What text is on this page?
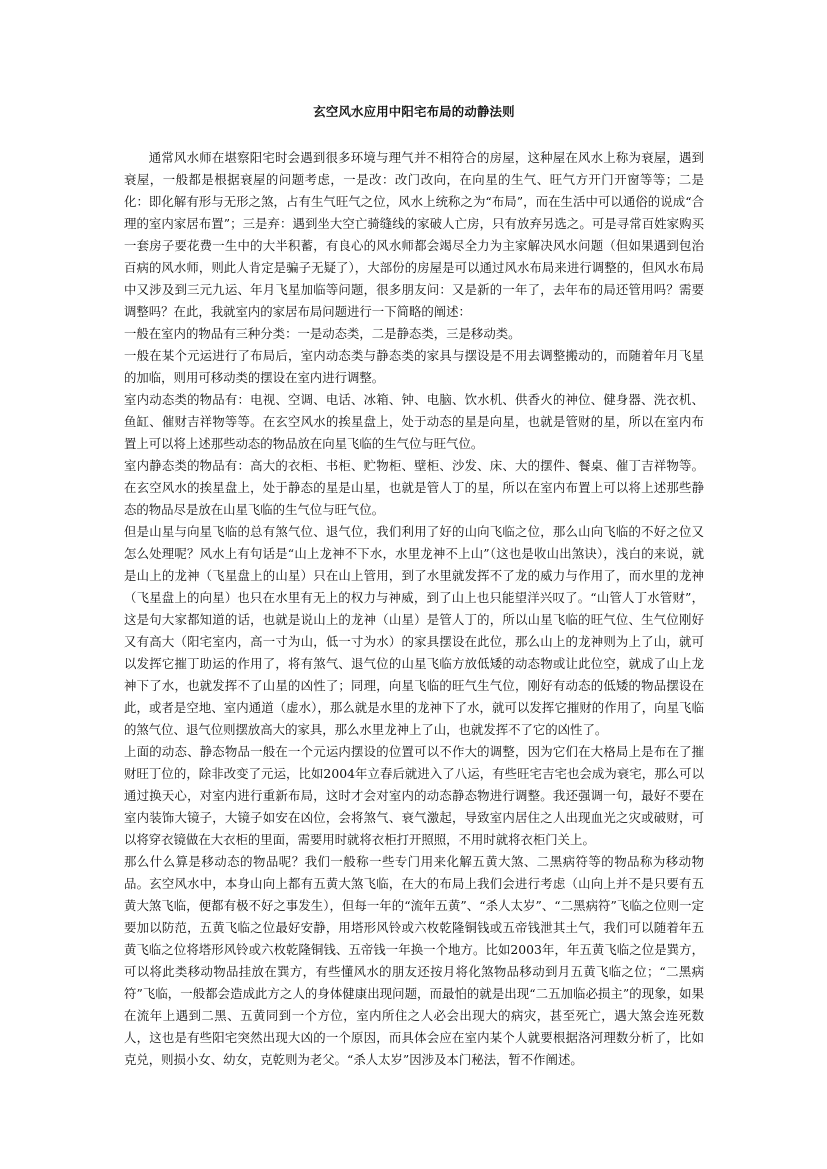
玄空风水应用中阳宅布局的动静法则

通常风水师在堪察阳宅时会遇到很多环境与理气并不相符合的房屋，这种屋在风水上称为衰屋，遇到衰屋，一般都是根据衰屋的问题考虑，一是改：改门改向，在向星的生气、旺气方开门开窗等等；二是化：即化解有形与无形之煞，占有生气旺气之位，风水上统称之为“布局”，而在生活中可以通俗的说成“合理的室内家居布置”；三是弃：遇到坐大空亡骑缝线的家破人亡房，只有放弃另选之。可是寻常百姓家购买一套房子要花费一生中的大半积蓄，有良心的风水师都会竭尽全力为主家解决风水问题（但如果遇到包治百病的风水师，则此人肯定是骗子无疑了），大部份的房屋是可以通过风水布局来进行调整的，但风水布局中又涉及到三元九运、年月飞星加临等问题，很多朋友问：又是新的一年了，去年布的局还管用吗？需要调整吗？在此，我就室内的家居布局问题进行一下简略的阐述：

一般在室内的物品有三种分类：一是动态类，二是静态类，三是移动类。

一般在某个元运进行了布局后，室内动态类与静态类的家具与摆设是不用去调整搬动的，而随着年月飞星的加临，则用可移动类的摆设在室内进行调整。

室内动态类的物品有：电视、空调、电话、冰箱、钟、电脑、饮水机、供香火的神位、健身器、洗衣机、鱼缸、催财吉祥物等等。在玄空风水的挨星盘上，处于动态的星是向星，也就是管财的星，所以在室内布置上可以将上述那些动态的物品放在向星飞临的生气位与旺气位。

室内静态类的物品有：高大的衣柜、书柜、贮物柜、壁柜、沙发、床、大的摆件、餐桌、催丁吉祥物等。在玄空风水的挨星盘上，处于静态的星是山星，也就是管人丁的星，所以在室内布置上可以将上述那些静态的物品尽是放在山星飞临的生气位与旺气位。

但是山星与向星飞临的总有煞气位、退气位，我们利用了好的山向飞临之位，那么山向飞临的不好之位又怎么处理呢？风水上有句话是“山上龙神不下水，水里龙神不上山”（这也是收山出煞诀），浅白的来说，就是山上的龙神（飞星盘上的山星）只在山上管用，到了水里就发挥不了龙的威力与作用了，而水里的龙神（飞星盘上的向星）也只在水里有无上的权力与神威，到了山上也只能望洋兴叹了。“山管人丁水管财”，这是句大家都知道的话，也就是说山上的龙神（山星）是管人丁的，所以山星飞临的旺气位、生气位刚好又有高大（阳宅室内，高一寸为山，低一寸为水）的家具摆设在此位，那么山上的龙神则为上了山，就可以发挥它摧丁助运的作用了，将有煞气、退气位的山星飞临方放低矮的动态物或让此位空，就成了山上龙神下了水，也就发挥不了山星的凶性了；同理，向星飞临的旺气生气位，刚好有动态的低矮的物品摆设在此，或者是空地、室内通道（虚水），那么就是水里的龙神下了水，就可以发挥它摧财的作用了，向星飞临的煞气位、退气位则摆放高大的家具，那么水里龙神上了山，也就发挥不了它的凶性了。

上面的动态、静态物品一般在一个元运内摆设的位置可以不作大的调整，因为它们在大格局上是布在了摧财旺丁位的，除非改变了元运，比如2004年立春后就进入了八运，有些旺宅吉宅也会成为衰宅，那么可以通过换天心，对室内进行重新布局，这时才会对室内的动态静态物进行调整。我还强调一句，最好不要在室内装饰大镜子，大镜子如安在凶位，会将煞气、衰气激起，导致室内居住之人出现血光之灾或破财，可以将穿衣镜做在大衣柜的里面，需要用时就将衣柜打开照照，不用时就将衣柜门关上。

那么什么算是移动态的物品呢？我们一般称一些专门用来化解五黄大煞、二黑病符等的物品称为移动物品。玄空风水中，本身山向上都有五黄大煞飞临，在大的布局上我们会进行考虑（山向上并不是只要有五黄大煞飞临，便都有极不好之事发生），但每一年的“流年五黄”、“杀人太岁”、“二黑病符”飞临之位则一定要加以防范，五黄飞临之位最好安静，用塔形风铃或六枚乾隆铜钱或五帝钱泄其土气，我们可以随着年五黄飞临之位将塔形风铃或六枚乾隆铜钱、五帝钱一年换一个地方。比如2003年，年五黄飞临之位是巽方，可以将此类移动物品挂放在巽方，有些懂风水的朋友还按月将化煞物品移动到月五黄飞临之位；“二黑病符”飞临，一般都会造成此方之人的身体健康出现问题，而最怕的就是出现“二五加临必损主”的现象，如果在流年上遇到二黑、五黄同到一个方位，室内所住之人必会出现大的病灾，甚至死亡，遇大煞会连死数人，这也是有些阳宅突然出现大凶的一个原因，而具体会应在室内某个人就要根据洛河理数分析了，比如克兑，则损小女、幼女，克乾则为老父。“杀人太岁”因涉及本门秘法，暂不作阐述。
